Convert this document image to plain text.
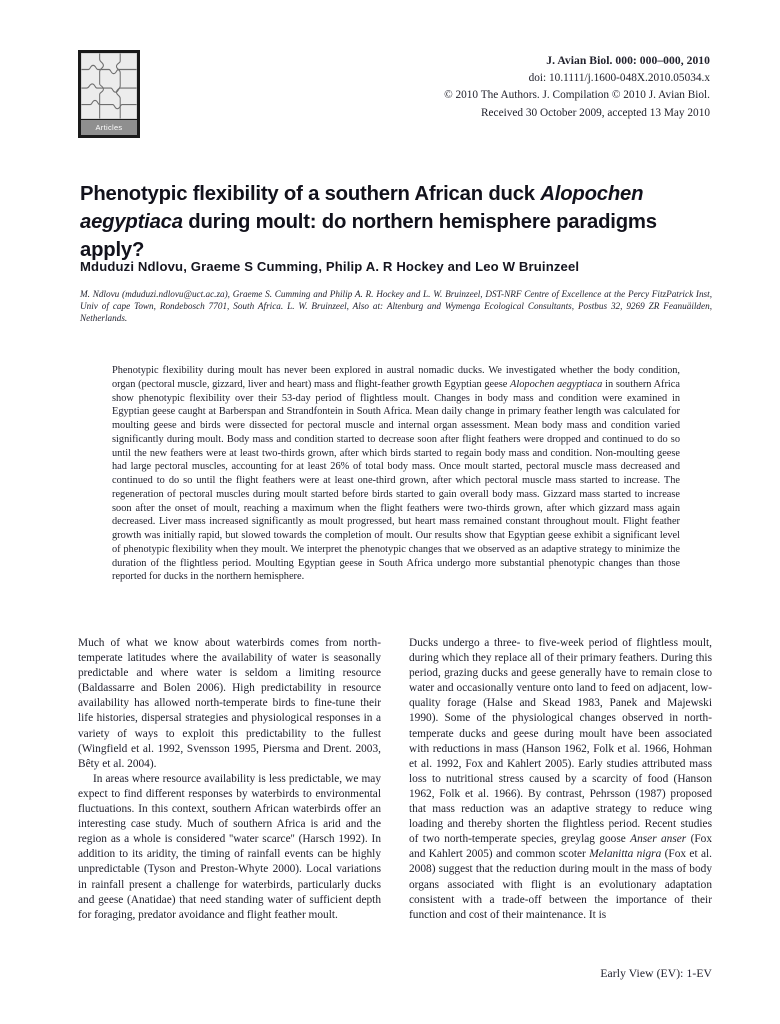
Articles
J. Avian Biol. 000: 000–000, 2010
doi: 10.1111/j.1600-048X.2010.05034.x
© 2010 The Authors. J. Compilation © 2010 J. Avian Biol.
Received 30 October 2009, accepted 13 May 2010
Phenotypic flexibility of a southern African duck Alopochen aegyptiaca during moult: do northern hemisphere paradigms apply?
Mduduzi Ndlovu, Graeme S Cumming, Philip A. R Hockey and Leo W Bruinzeel
M. Ndlovu (mduduzi.ndlovu@uct.ac.za), Graeme S. Cumming and Philip A. R. Hockey and L. W. Bruinzeel, DST-NRF Centre of Excellence at the Percy FitzPatrick Inst, Univ of cape Town, Rondebosch 7701, South Africa. L. W. Bruinzeel, Also at: Altenburg and Wymenga Ecological Consultants, Postbus 32, 9269 ZR Feanuäilden, Netherlands.
Phenotypic flexibility during moult has never been explored in austral nomadic ducks. We investigated whether the body condition, organ (pectoral muscle, gizzard, liver and heart) mass and flight-feather growth Egyptian geese Alopochen aegyptiaca in southern Africa show phenotypic flexibility over their 53-day period of flightless moult. Changes in body mass and condition were examined in Egyptian geese caught at Barberspan and Strandfontein in South Africa. Mean daily change in primary feather length was calculated for moulting geese and birds were dissected for pectoral muscle and internal organ assessment. Mean body mass and condition varied significantly during moult. Body mass and condition started to decrease soon after flight feathers were dropped and continued to do so until the new feathers were at least two-thirds grown, after which birds started to regain body mass and condition. Non-moulting geese had large pectoral muscles, accounting for at least 26% of total body mass. Once moult started, pectoral muscle mass decreased and continued to do so until the flight feathers were at least one-third grown, after which pectoral muscle mass started to increase. The regeneration of pectoral muscles during moult started before birds started to gain overall body mass. Gizzard mass started to increase soon after the onset of moult, reaching a maximum when the flight feathers were two-thirds grown, after which gizzard mass again decreased. Liver mass increased significantly as moult progressed, but heart mass remained constant throughout moult. Flight feather growth was initially rapid, but slowed towards the completion of moult. Our results show that Egyptian geese exhibit a significant level of phenotypic flexibility when they moult. We interpret the phenotypic changes that we observed as an adaptive strategy to minimize the duration of the flightless period. Moulting Egyptian geese in South Africa undergo more substantial phenotypic changes than those reported for ducks in the northern hemisphere.

Much of what we know about waterbirds comes from north-temperate latitudes where the availability of water is seasonally predictable and where water is seldom a limiting resource (Baldassarre and Bolen 2006). High predictability in resource availability has allowed north-temperate birds to fine-tune their life histories, dispersal strategies and physiological responses in a variety of ways to exploit this predictability to the fullest (Wingfield et al. 1992, Svensson 1995, Piersma and Drent. 2003, Bêty et al. 2004).

In areas where resource availability is less predictable, we may expect to find different responses by waterbirds to environmental fluctuations. In this context, southern African waterbirds offer an interesting case study. Much of southern Africa is arid and the region as a whole is considered ''water scarce'' (Harsch 1992). In addition to its aridity, the timing of rainfall events can be highly unpredictable (Tyson and Preston-Whyte 2000). Local variations in rainfall present a challenge for waterbirds, particularly ducks and geese (Anatidae) that need standing water of sufficient depth for foraging, predator avoidance and flight feather moult.

Ducks undergo a three- to five-week period of flightless moult, during which they replace all of their primary feathers. During this period, grazing ducks and geese generally have to remain close to water and occasionally venture onto land to feed on adjacent, low-quality forage (Halse and Skead 1983, Panek and Majewski 1990). Some of the physiological changes observed in north-temperate ducks and geese during moult have been associated with reductions in mass (Hanson 1962, Folk et al. 1966, Hohman et al. 1992, Fox and Kahlert 2005). Early studies attributed mass loss to nutritional stress caused by a scarcity of food (Hanson 1962, Folk et al. 1966). By contrast, Pehrsson (1987) proposed that mass reduction was an adaptive strategy to reduce wing loading and thereby shorten the flightless period. Recent studies of two north-temperate species, greylag goose Anser anser (Fox and Kahlert 2005) and common scoter Melanitta nigra (Fox et al. 2008) suggest that the reduction during moult in the mass of body organs associated with flight is an evolutionary adaptation consistent with a trade-off between the importance of their function and cost of their maintenance. It is

Early View (EV): 1-EV
